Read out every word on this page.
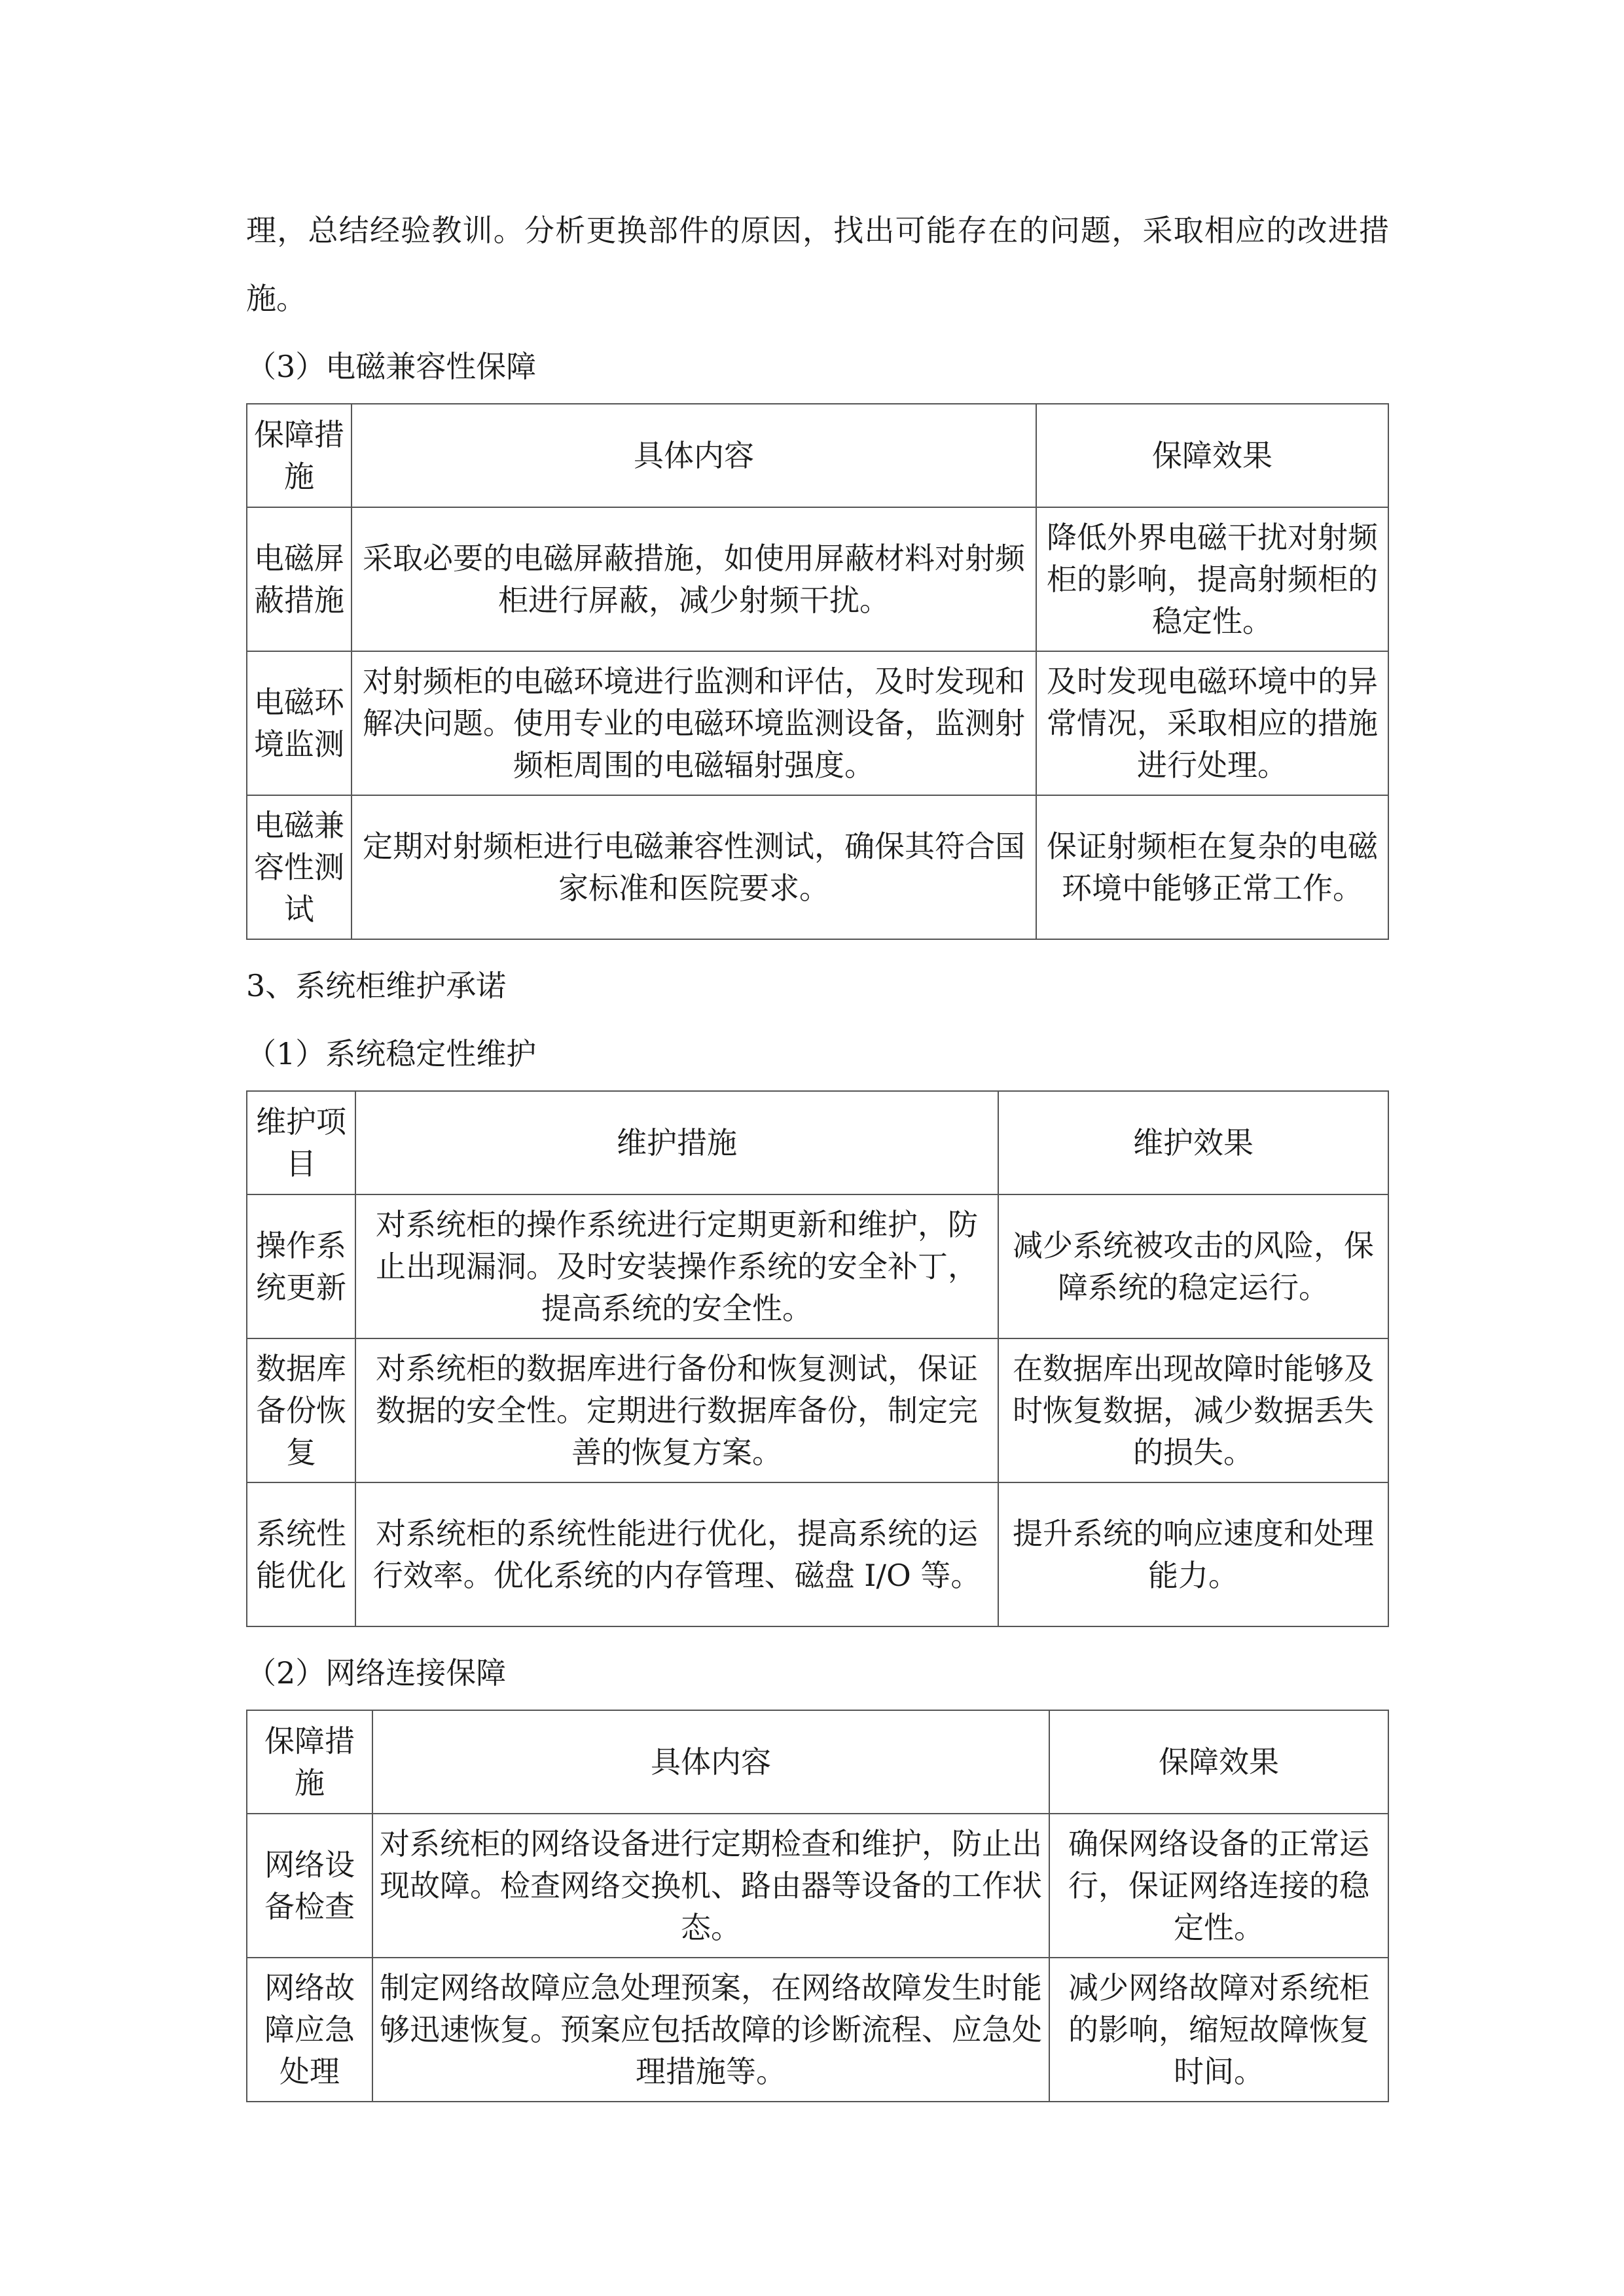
理，总结经验教训。分析更换部件的原因，找出可能存在的问题，采取相应的改进措施。

（3）电磁兼容性保障

保障措施	具体内容	保障效果
电磁屏蔽措施	采取必要的电磁屏蔽措施，如使用屏蔽材料对射频柜进行屏蔽，减少射频干扰。	降低外界电磁干扰对射频柜的影响，提高射频柜的稳定性。
电磁环境监测	对射频柜的电磁环境进行监测和评估，及时发现和解决问题。使用专业的电磁环境监测设备，监测射频柜周围的电磁辐射强度。	及时发现电磁环境中的异常情况，采取相应的措施进行处理。
电磁兼容性测试	定期对射频柜进行电磁兼容性测试，确保其符合国家标准和医院要求。	保证射频柜在复杂的电磁环境中能够正常工作。

3、系统柜维护承诺

（1）系统稳定性维护

维护项目	维护措施	维护效果
操作系统更新	对系统柜的操作系统进行定期更新和维护，防止出现漏洞。及时安装操作系统的安全补丁，提高系统的安全性。	减少系统被攻击的风险，保障系统的稳定运行。
数据库备份恢复	对系统柜的数据库进行备份和恢复测试，保证数据的安全性。定期进行数据库备份，制定完善的恢复方案。	在数据库出现故障时能够及时恢复数据，减少数据丢失的损失。
系统性能优化	对系统柜的系统性能进行优化，提高系统的运行效率。优化系统的内存管理、磁盘 I/O 等。	提升系统的响应速度和处理能力。

（2）网络连接保障

保障措施	具体内容	保障效果
网络设备检查	对系统柜的网络设备进行定期检查和维护，防止出现故障。检查网络交换机、路由器等设备的工作状态。	确保网络设备的正常运行，保证网络连接的稳定性。
网络故障应急处理	制定网络故障应急处理预案，在网络故障发生时能够迅速恢复。预案应包括故障的诊断流程、应急处理措施等。	减少网络故障对系统柜的影响，缩短故障恢复时间。
